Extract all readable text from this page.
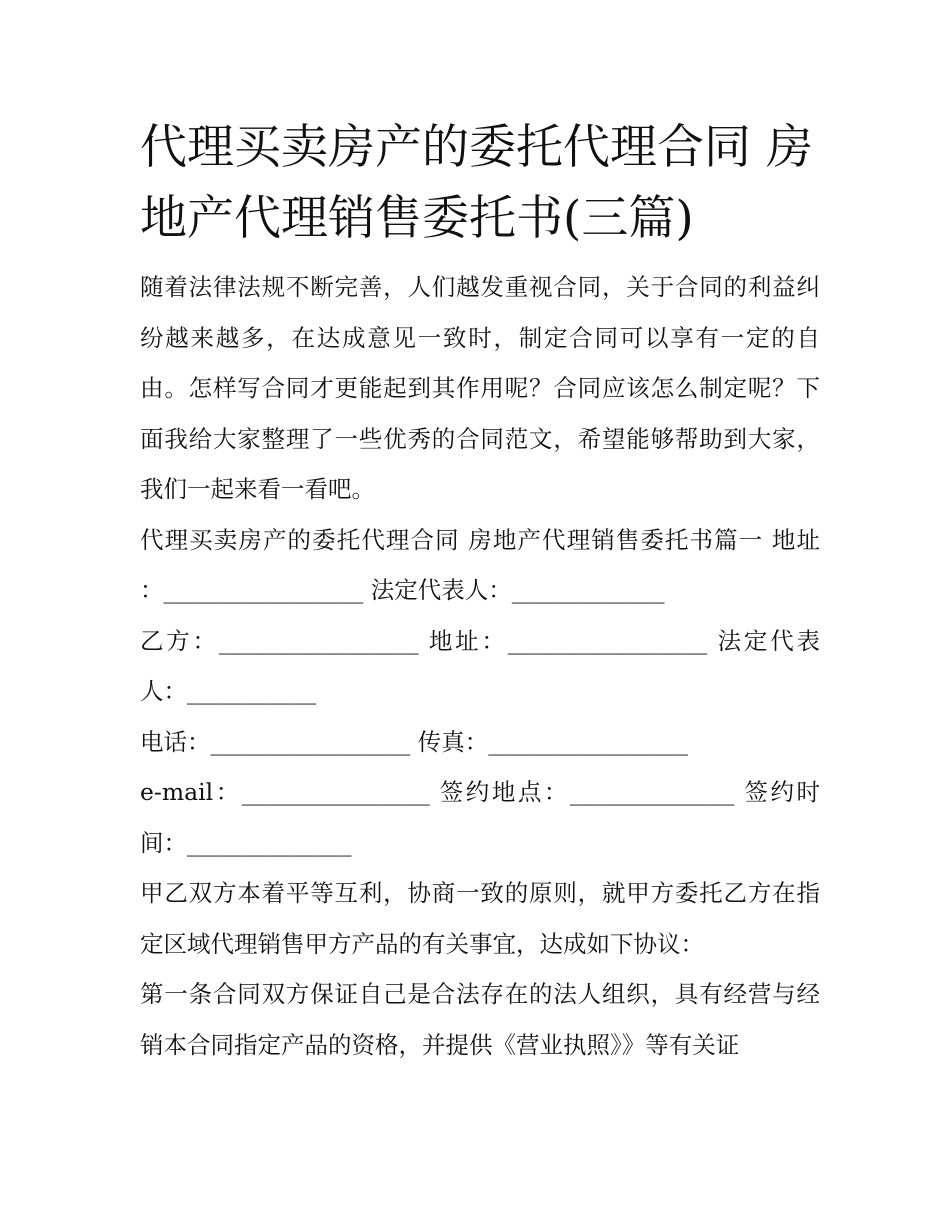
代理买卖房产的委托代理合同 房地产代理销售委托书(三篇)

随着法律法规不断完善，人们越发重视合同，关于合同的利益纠纷越来越多，在达成意见一致时，制定合同可以享有一定的自由。怎样写合同才更能起到其作用呢？合同应该怎么制定呢？下面我给大家整理了一些优秀的合同范文，希望能够帮助到大家，我们一起来看一看吧。

代理买卖房产的委托代理合同 房地产代理销售委托书篇一 地址 ：_________________ 法定代表人：_____________

乙方：_________________ 地址：_________________ 法定代表人：___________

电话：_________________ 传真：_________________

e-mail：________________ 签约地点：______________ 签约时间：______________

甲乙双方本着平等互利，协商一致的原则，就甲方委托乙方在指定区域代理销售甲方产品的有关事宜，达成如下协议：

第一条合同双方保证自己是合法存在的法人组织，具有经营与经销本合同指定产品的资格，并提供《营业执照》》等有关证
